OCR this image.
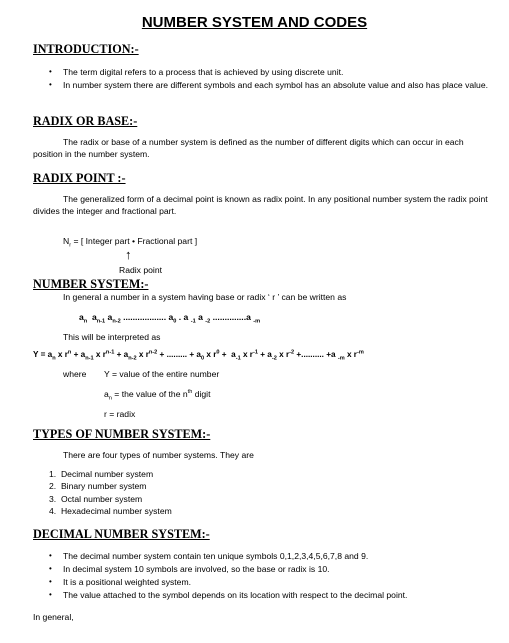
NUMBER SYSTEM AND CODES
INTRODUCTION:-
• The term digital refers to a process that is achieved by using discrete unit.
• In number system there are different symbols and each symbol has an absolute value and also has place value.
RADIX OR BASE:-
The radix or base of a number system is defined as the number of different digits which can occur in each position in the number system.
RADIX POINT :-
The generalized form of a decimal point is known as radix point. In any positional number system the radix point divides the integer and fractional part.
$N_r$ = [ Integer part • Fractional part ]
↑
Radix point
NUMBER SYSTEM:-
In general a number in a system having base or radix ‘ r ’ can be written as
$a_n$  $a_{n-1}$ $a_{n-2}$ .................. $a_0$ . a $_{-1}$ a $_{-2}$ ..............a $_{-m}$
This will be interpreted as
$Y = a_n$ x $r^n + a_{n-1}$ x $r^{n-1} + a_{n-2}$ x $r^{n-2}$ + ......... + $a_0$ x $r^0 + a_{-1}$ x $r^{-1} + a_{-2}$ x $r^{-2}$ +.......... +a $_{-m}$ x $r^{-m}$
where Y = value of the entire number
$a_n$ = the value of the $n^{th}$ digit
r = radix
TYPES OF NUMBER SYSTEM:-
There are four types of number systems. They are
1.  Decimal number system
2.  Binary number system
3.  Octal number system
4.  Hexadecimal number system
DECIMAL NUMBER SYSTEM:-
• The decimal number system contain ten unique symbols 0,1,2,3,4,5,6,7,8 and 9.
• In decimal system 10 symbols are involved, so the base or radix is 10.
• It is a positional weighted system.
• The value attached to the symbol depends on its location with respect to the decimal point.
In general,
